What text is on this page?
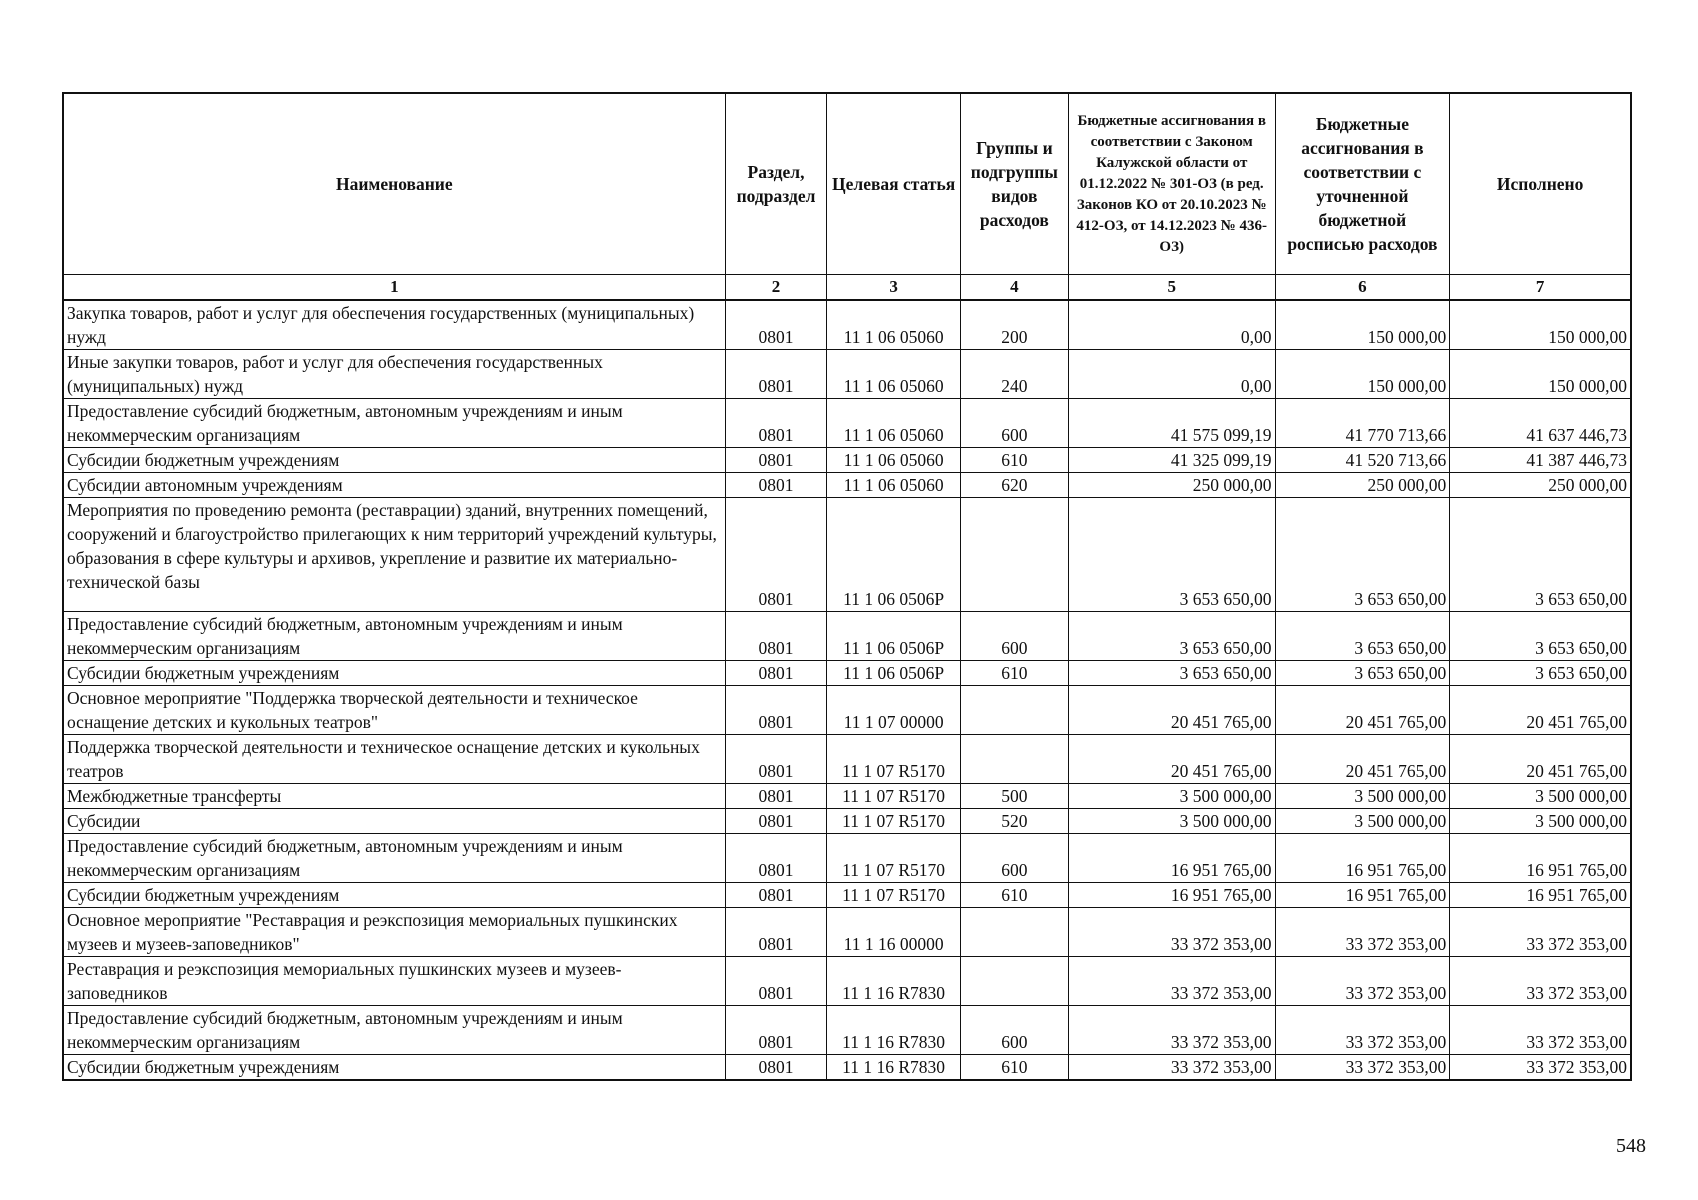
Наименование	Раздел, подраздел	Целевая статья	Группы и подгруппы видов расходов	Бюджетные ассигнования в соответствии с Законом Калужской области от 01.12.2022 № 301-ОЗ (в ред. Законов КО от 20.10.2023 № 412-ОЗ, от 14.12.2023 № 436-ОЗ)	Бюджетные ассигнования в соответствии с уточненной бюджетной росписью расходов	Исполнено
1	2	3	4	5	6	7
Закупка товаров, работ и услуг для обеспечения государственных (муниципальных) нужд	0801	11 1 06 05060	200	0,00	150 000,00	150 000,00
Иные закупки товаров, работ и услуг для обеспечения государственных (муниципальных) нужд	0801	11 1 06 05060	240	0,00	150 000,00	150 000,00
Предоставление субсидий бюджетным, автономным учреждениям и иным некоммерческим организациям	0801	11 1 06 05060	600	41 575 099,19	41 770 713,66	41 637 446,73
Субсидии бюджетным учреждениям	0801	11 1 06 05060	610	41 325 099,19	41 520 713,66	41 387 446,73
Субсидии автономным учреждениям	0801	11 1 06 05060	620	250 000,00	250 000,00	250 000,00
Мероприятия по проведению ремонта (реставрации) зданий, внутренних помещений, сооружений и благоустройство прилегающих к ним территорий учреждений культуры, образования в сфере культуры и архивов, укрепление и развитие их материально-технической базы	0801	11 1 06 0506Р		3 653 650,00	3 653 650,00	3 653 650,00
Предоставление субсидий бюджетным, автономным учреждениям и иным некоммерческим организациям	0801	11 1 06 0506Р	600	3 653 650,00	3 653 650,00	3 653 650,00
Субсидии бюджетным учреждениям	0801	11 1 06 0506Р	610	3 653 650,00	3 653 650,00	3 653 650,00
Основное мероприятие "Поддержка творческой деятельности и техническое оснащение детских и кукольных театров"	0801	11 1 07 00000		20 451 765,00	20 451 765,00	20 451 765,00
Поддержка творческой деятельности и техническое оснащение детских и кукольных театров	0801	11 1 07 R5170		20 451 765,00	20 451 765,00	20 451 765,00
Межбюджетные трансферты	0801	11 1 07 R5170	500	3 500 000,00	3 500 000,00	3 500 000,00
Субсидии	0801	11 1 07 R5170	520	3 500 000,00	3 500 000,00	3 500 000,00
Предоставление субсидий бюджетным, автономным учреждениям и иным некоммерческим организациям	0801	11 1 07 R5170	600	16 951 765,00	16 951 765,00	16 951 765,00
Субсидии бюджетным учреждениям	0801	11 1 07 R5170	610	16 951 765,00	16 951 765,00	16 951 765,00
Основное мероприятие "Реставрация и реэкспозиция мемориальных пушкинских музеев и музеев-заповедников"	0801	11 1 16 00000		33 372 353,00	33 372 353,00	33 372 353,00
Реставрация и реэкспозиция мемориальных пушкинских музеев и музеев-заповедников	0801	11 1 16 R7830		33 372 353,00	33 372 353,00	33 372 353,00
Предоставление субсидий бюджетным, автономным учреждениям и иным некоммерческим организациям	0801	11 1 16 R7830	600	33 372 353,00	33 372 353,00	33 372 353,00
Субсидии бюджетным учреждениям	0801	11 1 16 R7830	610	33 372 353,00	33 372 353,00	33 372 353,00
548
